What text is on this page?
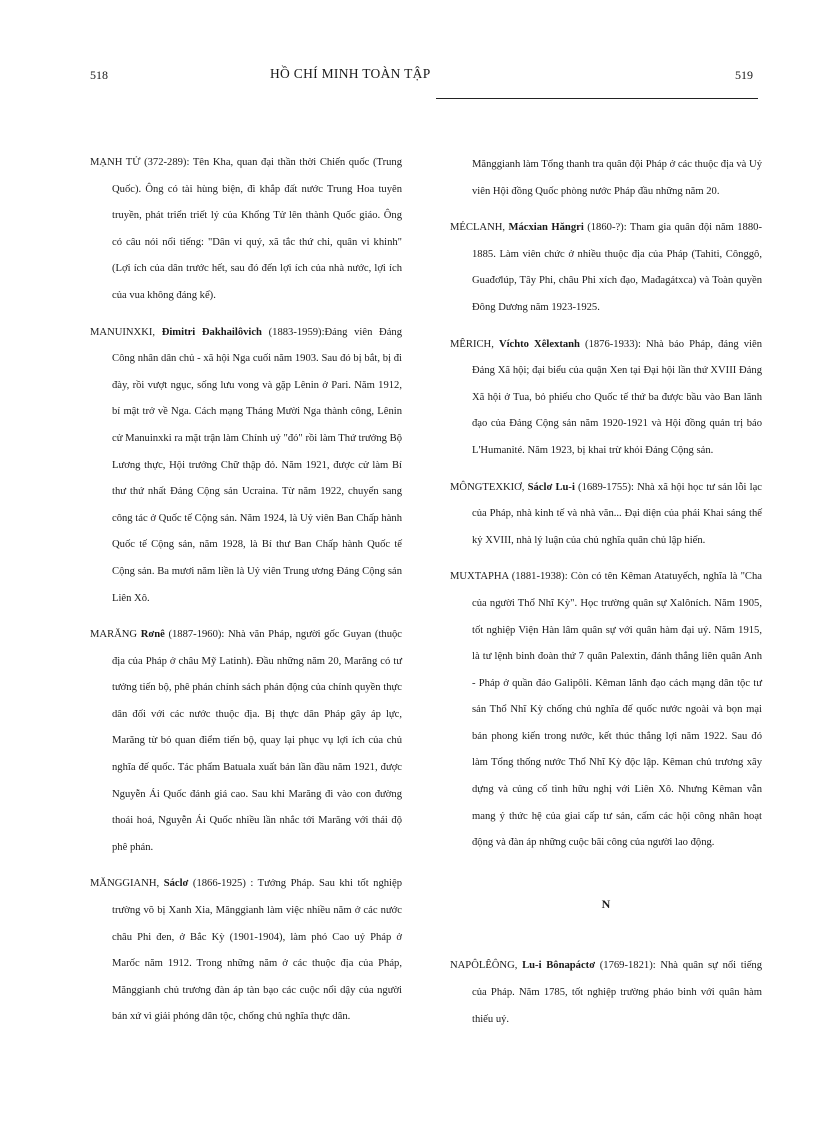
518	HỒ CHÍ MINH TOÀN TẬP	519

MẠNH TỬ (372-289): Tên Kha, quan đại thần thời Chiến quốc (Trung Quốc). Ông có tài hùng biện, đi khắp đất nước Trung Hoa tuyên truyền, phát triển triết lý của Khổng Tử lên thành Quốc giáo. Ông có câu nói nổi tiếng: "Dân vi quý, xã tắc thứ chi, quân vi khinh" (Lợi ích của dân trước hết, sau đó đến lợi ích của nhà nước, lợi ích của vua không đáng kể).

MANUINXKI, Đimitri Đakhailôvich (1883-1959):Đảng viên Đảng Công nhân dân chủ - xã hội Nga cuối năm 1903. Sau đó bị bắt, bị đi đày, rồi vượt ngục, sống lưu vong và gặp Lênin ở Pari. Năm 1912, bí mật trở về Nga. Cách mạng Tháng Mười Nga thành công, Lênin cử Manuinxki ra mặt trận làm Chính uỷ "đỏ" rồi làm Thứ trưởng Bộ Lương thực, Hội trưởng Chữ thập đỏ. Năm 1921, được cử làm Bí thư thứ nhất Đảng Cộng sản Ucraina. Từ năm 1922, chuyển sang công tác ở Quốc tế Cộng sản. Năm 1924, là Uỷ viên Ban Chấp hành Quốc tế Cộng sản, năm 1928, là Bí thư Ban Chấp hành Quốc tế Cộng sản. Ba mươi năm liền là Uỷ viên Trung ương Đảng Cộng sản Liên Xô.

MARĂNG Rơnê (1887-1960): Nhà văn Pháp, người gốc Guyan (thuộc địa của Pháp ở châu Mỹ Latinh). Đầu những năm 20, Marăng có tư tưởng tiến bộ, phê phán chính sách phản động của chính quyền thực dân đối với các nước thuộc địa. Bị thực dân Pháp gây áp lực, Marăng từ bỏ quan điểm tiến bộ, quay lại phục vụ lợi ích của chủ nghĩa đế quốc. Tác phẩm Batuala xuất bản lần đầu năm 1921, được Nguyễn Ái Quốc đánh giá cao. Sau khi Marăng đi vào con đường thoái hoá, Nguyễn Ái Quốc nhiều lần nhắc tới Marăng với thái độ phê phán.

MĂNGGIANH, Sáclơ (1866-1925) : Tướng Pháp. Sau khi tốt nghiệp trường võ bị Xanh Xia, Mănggianh làm việc nhiều năm ở các nước châu Phi đen, ở Bắc Kỳ (1901-1904), làm phó Cao uỷ Pháp ở Marốc năm 1912. Trong những năm ở các thuộc địa của Pháp, Mănggianh chủ trương đàn áp tàn bạo các cuộc nổi dậy của người bản xứ vì giải phóng dân tộc, chống chủ nghĩa thực dân.

Mănggianh làm Tổng thanh tra quân đội Pháp ở các thuộc địa và Uỷ viên Hội đồng Quốc phòng nước Pháp đầu những năm 20.

MÉCLANH, Mácxian Hăngri (1860-?): Tham gia quân đội năm 1880-1885. Làm viên chức ở nhiều thuộc địa của Pháp (Tahiti, Cônggô, Guađơlúp, Tây Phi, châu Phi xích đạo, Mađagátxca) và Toàn quyền Đông Dương năm 1923-1925.

MÊRICH, Víchto Xêlextanh (1876-1933): Nhà báo Pháp, đảng viên Đảng Xã hội; đại biểu của quận Xen tại Đại hội lần thứ XVIII Đảng Xã hội ở Tua, bỏ phiếu cho Quốc tế thứ ba được bầu vào Ban lãnh đạo của Đảng Cộng sản năm 1920-1921 và Hội đồng quản trị báo L'Humanité. Năm 1923, bị khai trừ khỏi Đảng Cộng sản.

MÔNGTEXKIƠ, Sáclơ Lu-i (1689-1755): Nhà xã hội học tư sản lỗi lạc của Pháp, nhà kinh tế và nhà văn... Đại diện của phái Khai sáng thế kỷ XVIII, nhà lý luận của chủ nghĩa quân chủ lập hiến.

MUXTAPHA (1881-1938): Còn có tên Kêman Atatuyếch, nghĩa là "Cha của người Thổ Nhĩ Kỳ". Học trường quân sự Xalôních. Năm 1905, tốt nghiệp Viện Hàn lâm quân sự với quân hàm đại uý. Năm 1915, là tư lệnh binh đoàn thứ 7 quân Palextin, đánh thắng liên quân Anh - Pháp ở quần đảo Galipôli. Kêman lãnh đạo cách mạng dân tộc tư sản Thổ Nhĩ Kỳ chống chủ nghĩa đế quốc nước ngoài và bọn mại bản phong kiến trong nước, kết thúc thắng lợi năm 1922. Sau đó làm Tổng thống nước Thổ Nhĩ Kỳ độc lập. Kêman chủ trương xây dựng và củng cố tình hữu nghị với Liên Xô. Nhưng Kêman vẫn mang ý thức hệ của giai cấp tư sản, cấm các hội công nhân hoạt động và đàn áp những cuộc bãi công của người lao động.

N

NAPÔLÊÔNG, Lu-i Bônapáctơ (1769-1821): Nhà quân sự nổi tiếng của Pháp. Năm 1785, tốt nghiệp trường pháo binh với quân hàm thiếu uý.
